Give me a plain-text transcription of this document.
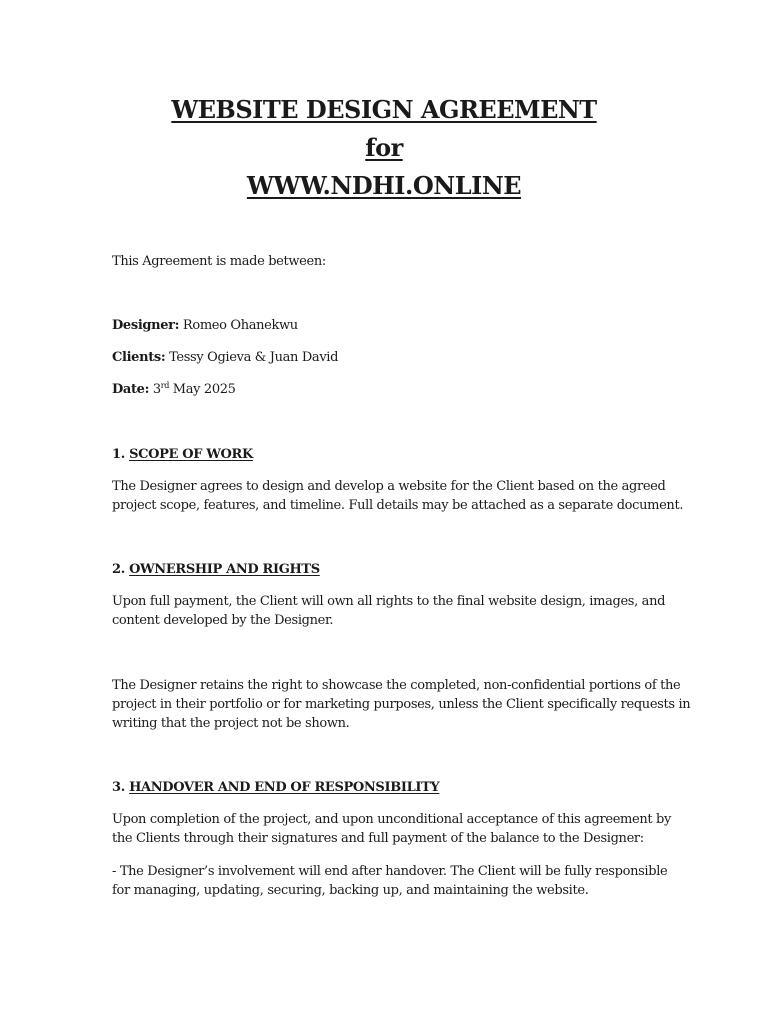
WEBSITE DESIGN AGREEMENT
for
WWW.NDHI.ONLINE
This Agreement is made between:
Designer: Romeo Ohanekwu
Clients: Tessy Ogieva & Juan David
Date: 3rd May 2025
1. SCOPE OF WORK
The Designer agrees to design and develop a website for the Client based on the agreed
project scope, features, and timeline. Full details may be attached as a separate document.
2. OWNERSHIP AND RIGHTS
Upon full payment, the Client will own all rights to the final website design, images, and
content developed by the Designer.
The Designer retains the right to showcase the completed, non-confidential portions of the
project in their portfolio or for marketing purposes, unless the Client specifically requests in
writing that the project not be shown.
3. HANDOVER AND END OF RESPONSIBILITY
Upon completion of the project, and upon unconditional acceptance of this agreement by
the Clients through their signatures and full payment of the balance to the Designer:
- The Designer’s involvement will end after handover. The Client will be fully responsible
for managing, updating, securing, backing up, and maintaining the website.
